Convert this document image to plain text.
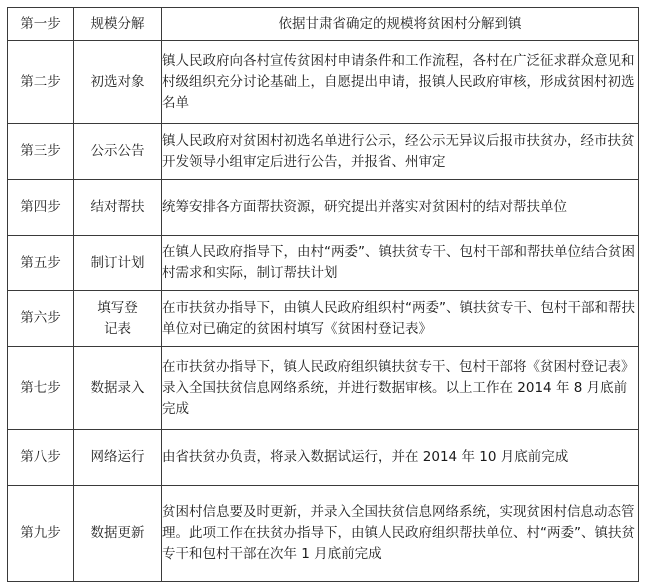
第一步	规模分解	依据甘肃省确定的规模将贫困村分解到镇
第二步	初选对象	镇人民政府向各村宣传贫困村申请条件和工作流程，各村在广泛征求群众意见和村级组织充分讨论基础上，自愿提出申请，报镇人民政府审核，形成贫困村初选名单
第三步	公示公告	镇人民政府对贫困村初选名单进行公示，经公示无异议后报市扶贫办，经市扶贫开发领导小组审定后进行公告，并报省、州审定
第四步	结对帮扶	统筹安排各方面帮扶资源，研究提出并落实对贫困村的结对帮扶单位
第五步	制订计划	在镇人民政府指导下，由村“两委”、镇扶贫专干、包村干部和帮扶单位结合贫困村需求和实际，制订帮扶计划
第六步	填写登记表	在市扶贫办指导下，由镇人民政府组织村“两委”、镇扶贫专干、包村干部和帮扶单位对已确定的贫困村填写《贫困村登记表》
第七步	数据录入	在市扶贫办指导下，镇人民政府组织镇扶贫专干、包村干部将《贫困村登记表》录入全国扶贫信息网络系统，并进行数据审核。以上工作在 2014 年 8 月底前完成
第八步	网络运行	由省扶贫办负责，将录入数据试运行，并在 2014 年 10 月底前完成
第九步	数据更新	贫困村信息要及时更新，并录入全国扶贫信息网络系统，实现贫困村信息动态管理。此项工作在扶贫办指导下，由镇人民政府组织帮扶单位、村“两委”、镇扶贫专干和包村干部在次年 1 月底前完成
